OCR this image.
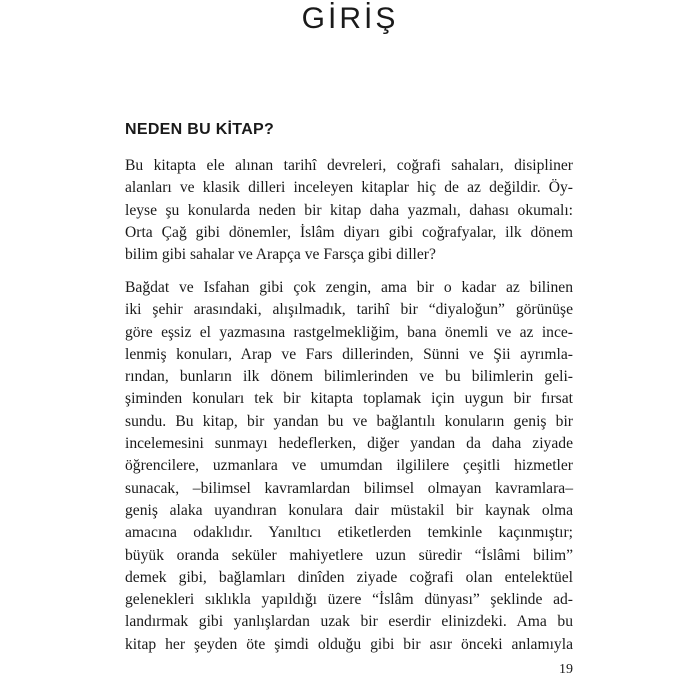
GİRİŞ
NEDEN BU KİTAP?

Bu kitapta ele alınan tarihî devreleri, coğrafi sahaları, disipliner
alanları ve klasik dilleri inceleyen kitaplar hiç de az değildir. Öy-
leyse şu konularda neden bir kitap daha yazmalı, dahası okumalı:
Orta Çağ gibi dönemler, İslâm diyarı gibi coğrafyalar, ilk dönem
bilim gibi sahalar ve Arapça ve Farsça gibi diller?

Bağdat ve Isfahan gibi çok zengin, ama bir o kadar az bilinen
iki şehir arasındaki, alışılmadık, tarihî bir “diyaloğun” görünüşe
göre eşsiz el yazmasına rastgelmekliğim, bana önemli ve az ince-
lenmiş konuları, Arap ve Fars dillerinden, Sünni ve Şii ayrımla-
rından, bunların ilk dönem bilimlerinden ve bu bilimlerin geli-
şiminden konuları tek bir kitapta toplamak için uygun bir fırsat
sundu. Bu kitap, bir yandan bu ve bağlantılı konuların geniş bir
incelemesini sunmayı hedeflerken, diğer yandan da daha ziyade
öğrencilere, uzmanlara ve umumdan ilgililere çeşitli hizmetler
sunacak, –bilimsel kavramlardan bilimsel olmayan kavramlara–
geniş alaka uyandıran konulara dair müstakil bir kaynak olma
amacına odaklıdır. Yanıltıcı etiketlerden temkinle kaçınmıştır;
büyük oranda seküler mahiyetlere uzun süredir “İslâmi bilim”
demek gibi, bağlamları dinîden ziyade coğrafi olan entelektüel
gelenekleri sıklıkla yapıldığı üzere “İslâm dünyası” şeklinde ad-
landırmak gibi yanlışlardan uzak bir eserdir elinizdeki. Ama bu
kitap her şeyden öte şimdi olduğu gibi bir asır önceki anlamıyla

19
